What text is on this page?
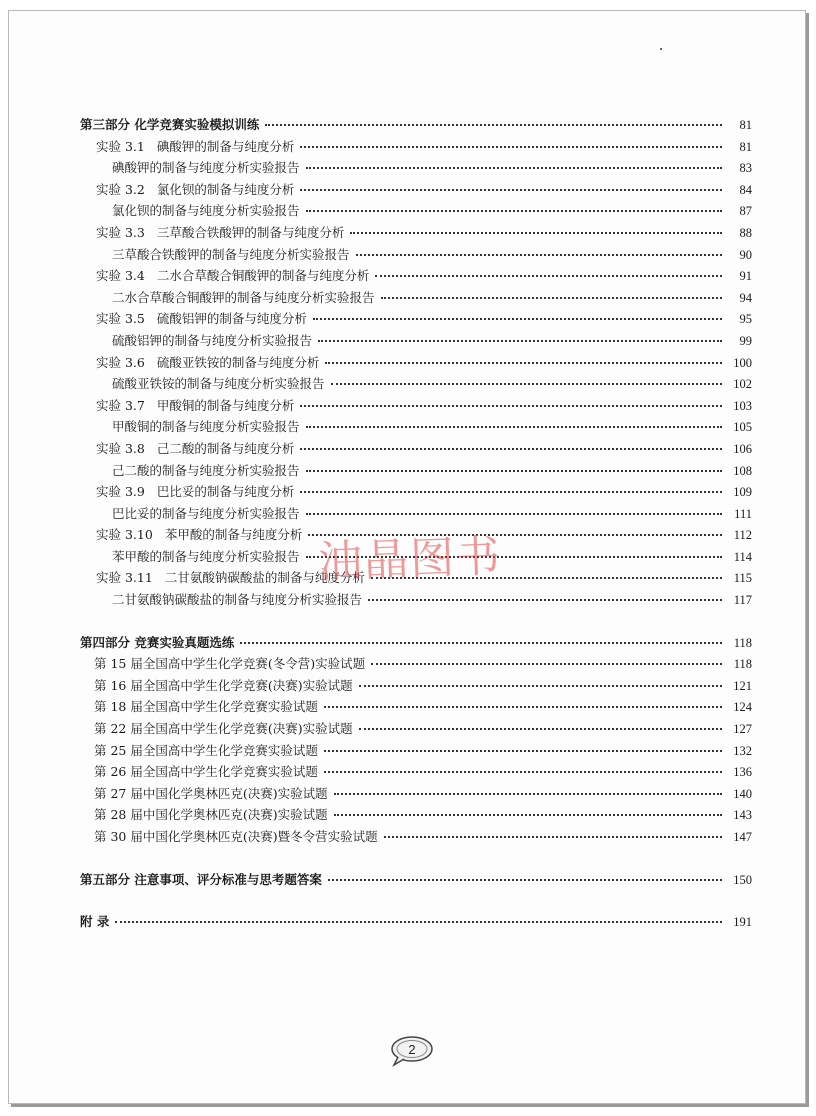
第三部分 化学竞赛实验模拟训练	81
实验 3.1 碘酸钾的制备与纯度分析	81
碘酸钾的制备与纯度分析实验报告	83
实验 3.2 氯化钡的制备与纯度分析	84
氯化钡的制备与纯度分析实验报告	87
实验 3.3 三草酸合铁酸钾的制备与纯度分析	88
三草酸合铁酸钾的制备与纯度分析实验报告	90
实验 3.4 二水合草酸合铜酸钾的制备与纯度分析	91
二水合草酸合铜酸钾的制备与纯度分析实验报告	94
实验 3.5 硫酸铝钾的制备与纯度分析	95
硫酸铝钾的制备与纯度分析实验报告	99
实验 3.6 硫酸亚铁铵的制备与纯度分析	100
硫酸亚铁铵的制备与纯度分析实验报告	102
实验 3.7 甲酸铜的制备与纯度分析	103
甲酸铜的制备与纯度分析实验报告	105
实验 3.8 己二酸的制备与纯度分析	106
己二酸的制备与纯度分析实验报告	108
实验 3.9 巴比妥的制备与纯度分析	109
巴比妥的制备与纯度分析实验报告	111
实验 3.10 苯甲酸的制备与纯度分析	112
苯甲酸的制备与纯度分析实验报告	114
实验 3.11 二甘氨酸钠碳酸盐的制备与纯度分析	115
二甘氨酸钠碳酸盐的制备与纯度分析实验报告	117
第四部分 竞赛实验真题选练	118
第 15 届全国高中学生化学竞赛(冬令营)实验试题	118
第 16 届全国高中学生化学竞赛(决赛)实验试题	121
第 18 届全国高中学生化学竞赛实验试题	124
第 22 届全国高中学生化学竞赛(决赛)实验试题	127
第 25 届全国高中学生化学竞赛实验试题	132
第 26 届全国高中学生化学竞赛实验试题	136
第 27 届中国化学奥林匹克(决赛)实验试题	140
第 28 届中国化学奥林匹克(决赛)实验试题	143
第 30 届中国化学奥林匹克(决赛)暨冬令营实验试题	147
第五部分 注意事项、评分标准与思考题答案	150
附 录	191
油晶图书
2
